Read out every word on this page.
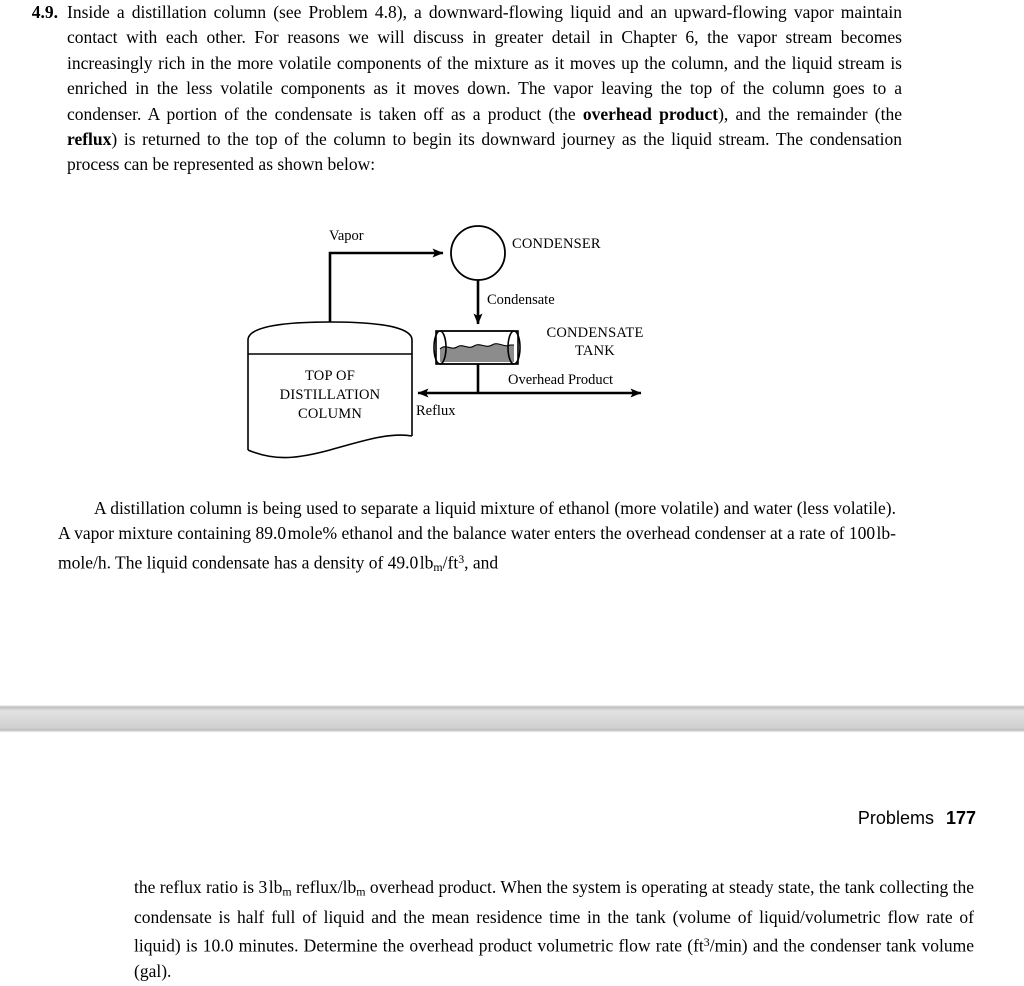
4.9. Inside a distillation column (see Problem 4.8), a downward-flowing liquid and an upward-flowing vapor maintain contact with each other. For reasons we will discuss in greater detail in Chapter 6, the vapor stream becomes increasingly rich in the more volatile components of the mixture as it moves up the column, and the liquid stream is enriched in the less volatile components as it moves down. The vapor leaving the top of the column goes to a condenser. A portion of the condensate is taken off as a product (the overhead product), and the remainder (the reflux) is returned to the top of the column to begin its downward journey as the liquid stream. The condensation process can be represented as shown below:
Vapor	CONDENSER
Condensate
CONDENSATE
TANK
Overhead Product
Reflux
TOP OF
DISTILLATION
COLUMN
A distillation column is being used to separate a liquid mixture of ethanol (more volatile) and water (less volatile). A vapor mixture containing 89.0 mole% ethanol and the balance water enters the overhead condenser at a rate of 100 lb-mole/h. The liquid condensate has a density of 49.0 $lb_m/ft^3$, and
Problems 177
the reflux ratio is 3 $lb_m$ reflux/$lb_m$ overhead product. When the system is operating at steady state, the tank collecting the condensate is half full of liquid and the mean residence time in the tank (volume of liquid/volumetric flow rate of liquid) is 10.0 minutes. Determine the overhead product volumetric flow rate $(ft^3/\min)$ and the condenser tank volume (gal).
